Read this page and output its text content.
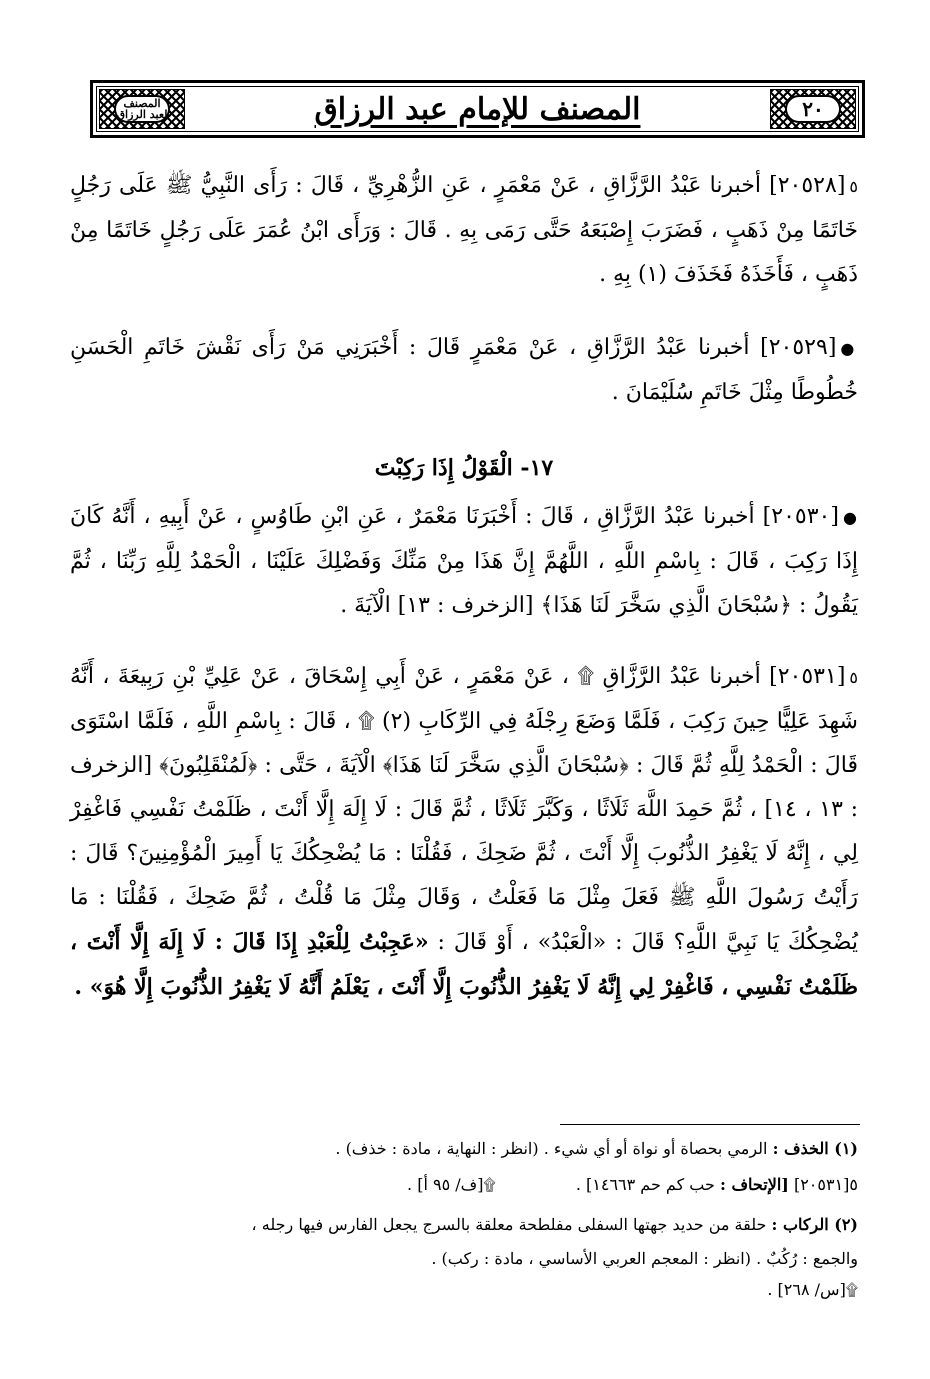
المصنف لعبد الرزاق	المصنف للإمام عبد الرزاق	٢٠
٥[٢٠٥٢٨] أخبرنا عَبْدُ الرَّزَّاقِ ، عَنْ مَعْمَرٍ ، عَنِ الزُّهْرِيِّ ، قَالَ : رَأَى النَّبِيُّ ﷺ عَلَى رَجُلٍ خَاتَمًا مِنْ ذَهَبٍ ، فَضَرَبَ إِصْبَعَهُ حَتَّى رَمَى بِهِ . قَالَ : وَرَأَى ابْنُ عُمَرَ عَلَى رَجُلٍ خَاتَمًا مِنْ ذَهَبٍ ، فَأَخَذَهُ فَخَذَفَ (١) بِهِ .
●[٢٠٥٢٩] أخبرنا عَبْدُ الرَّزَّاقِ ، عَنْ مَعْمَرٍ قَالَ : أَخْبَرَنِي مَنْ رَأَى نَقْشَ خَاتَمِ الْحَسَنِ خُطُوطًا مِثْلَ خَاتَمِ سُلَيْمَانَ .
١٧- الْقَوْلُ إِذَا رَكِبْتَ
●[٢٠٥٣٠] أخبرنا عَبْدُ الرَّزَّاقِ ، قَالَ : أَخْبَرَنَا مَعْمَرٌ ، عَنِ ابْنِ طَاوُسٍ ، عَنْ أَبِيهِ ، أَنَّهُ كَانَ إِذَا رَكِبَ ، قَالَ : بِاسْمِ اللَّهِ ، اللَّهُمَّ إِنَّ هَذَا مِنْ مَنِّكَ وَفَضْلِكَ عَلَيْنَا ، الْحَمْدُ لِلَّهِ رَبِّنَا ، ثُمَّ يَقُولُ : ﴿سُبْحَانَ الَّذِي سَخَّرَ لَنَا هَذَا﴾ [الزخرف : ١٣] الْآيَةَ .
٥[٢٠٥٣١] أخبرنا عَبْدُ الرَّزَّاقِ ۩ ، عَنْ مَعْمَرٍ ، عَنْ أَبِي إِسْحَاقَ ، عَنْ عَلِيِّ بْنِ رَبِيعَةَ ، أَنَّهُ شَهِدَ عَلِيًّا حِينَ رَكِبَ ، فَلَمَّا وَضَعَ رِجْلَهُ فِي الرِّكَابِ (٢) ۩ ، قَالَ : بِاسْمِ اللَّهِ ، فَلَمَّا اسْتَوَى قَالَ : الْحَمْدُ لِلَّهِ ثُمَّ قَالَ : ﴿سُبْحَانَ الَّذِي سَخَّرَ لَنَا هَذَا﴾ الْآيَةَ ، حَتَّى : ﴿لَمُنْقَلِبُونَ﴾ [الزخرف : ١٣ ، ١٤] ، ثُمَّ حَمِدَ اللَّهَ ثَلَاثًا ، وَكَبَّرَ ثَلَاثًا ، ثُمَّ قَالَ : لَا إِلَهَ إِلَّا أَنْتَ ، ظَلَمْتُ نَفْسِي فَاغْفِرْ لِي ، إِنَّهُ لَا يَغْفِرُ الذُّنُوبَ إِلَّا أَنْتَ ، ثُمَّ ضَحِكَ ، فَقُلْنَا : مَا يُضْحِكُكَ يَا أَمِيرَ الْمُؤْمِنِينَ؟ قَالَ : رَأَيْتُ رَسُولَ اللَّهِ ﷺ فَعَلَ مِثْلَ مَا فَعَلْتُ ، وَقَالَ مِثْلَ مَا قُلْتُ ، ثُمَّ ضَحِكَ ، فَقُلْنَا : مَا يُضْحِكُكَ يَا نَبِيَّ اللَّهِ؟ قَالَ : «الْعَبْدُ» ، أَوْ قَالَ : «عَجِبْتُ لِلْعَبْدِ إِذَا قَالَ : لَا إِلَهَ إِلَّا أَنْتَ ، ظَلَمْتُ نَفْسِي ، فَاغْفِرْ لِي إِنَّهُ لَا يَغْفِرُ الذُّنُوبَ إِلَّا أَنْتَ ، يَعْلَمُ أَنَّهُ لَا يَغْفِرُ الذُّنُوبَ إِلَّا هُوَ» .
(١) الخذف : الرمي بحصاة أو نواة أو أي شيء . (انظر : النهاية ، مادة : خذف) .
٥[٢٠٥٣١] [الإتحاف : حب كم حم ١٤٦٦٣] .  ۩[ف/ ٩٥ أ] .
(٢) الركاب : حلقة من حديد جهتها السفلى مفلطحة معلقة بالسرج يجعل الفارس فيها رجله ،
والجمع : رُكُبٌ . (انظر : المعجم العربي الأساسي ، مادة : ركب) .
۩[س/ ٢٦٨] .
